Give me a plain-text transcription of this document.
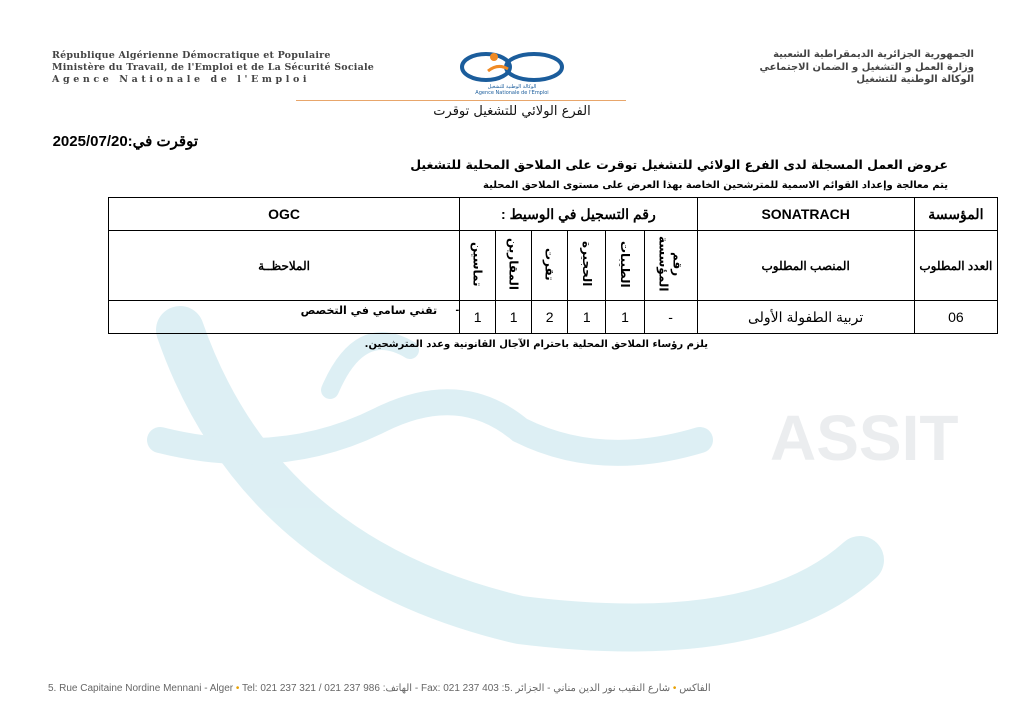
ASSIT
République Algérienne Démocratique et Populaire
Ministère du Travail, de l'Emploi et de La Sécurité Sociale
Agence Nationale de l'Emploi
الوكالة الوطنية للتشغيل
Agence Nationale de l'Emploi
الجمهورية الجزائرية الديمقراطية الشعبية
وزارة العمل و التشغيل و الضمان الاجتماعي
الوكالة الوطنية للتشغيل
الفرع الولائي للتشغيل توقرت
توقرت في:2025/07/20
عروض العمل المسجلة لدى الفرع الولائي للتشغيل توقرت على الملاحق المحلية للتشغيل
يتم معالجة وإعداد القوائم الاسمية للمترشحين الخاصة بهذا العرض على مستوى الملاحق المحلية
المؤسسة	SONATRACH	رقم التسجيل في الوسيط :						OGC
العدد المطلوب	المنصب المطلوب	رقم المؤسسة	الطيبات	الحجيرة	تقرت	المقارين	تماسين	الملاحظــة
06	تربية الطفولة الأولى	-	1	1	2	1	1	تقني سامي في التخصص -
يلزم رؤساء الملاحق المحلية باحترام الآجال القانونية وعدد المترشحين.
5. Rue Capitaine Nordine Mennani - Alger • Tel: 021 237 321 / 021 237 986 :الهاتف - Fax: 021 237 403 :الفاكس • شارع النقيب نور الدين مناني - الجزائر .5
